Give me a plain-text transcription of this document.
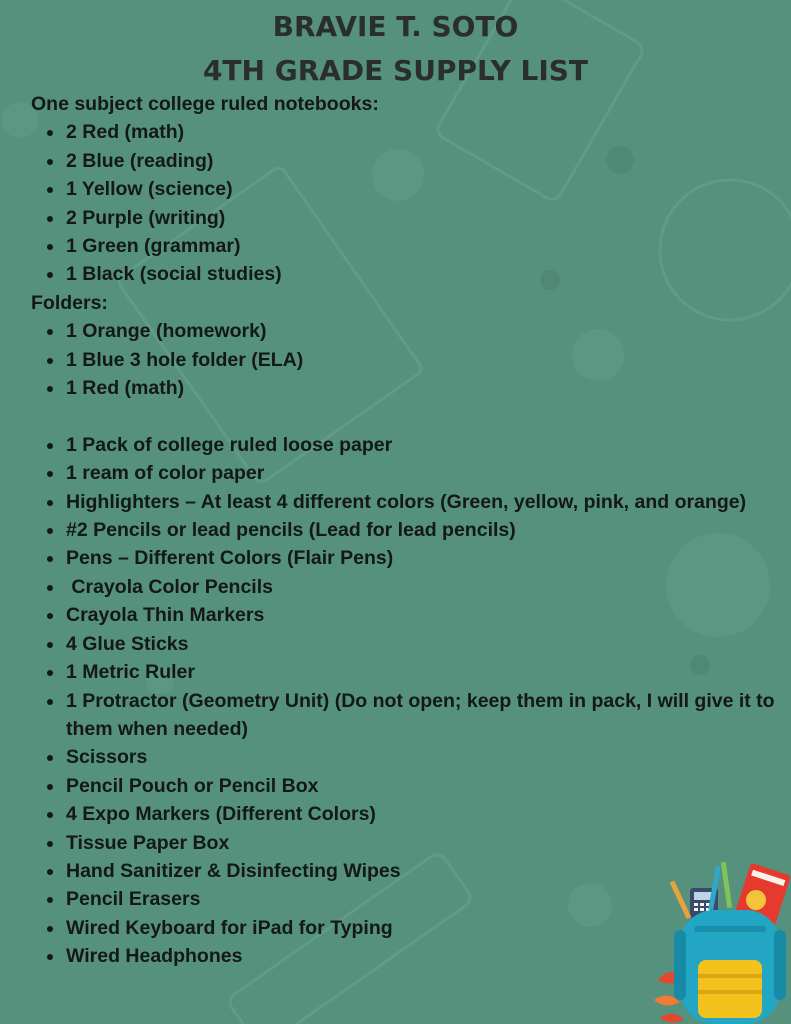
BRAVIE T. SOTO
4TH GRADE SUPPLY LIST
One subject college ruled notebooks:
2 Red (math)
2 Blue (reading)
1 Yellow (science)
2 Purple (writing)
1 Green (grammar)
1 Black (social studies)
Folders:
1 Orange (homework)
1 Blue 3 hole folder (ELA)
1 Red (math)
1 Pack of college ruled loose paper
1 ream of color paper
Highlighters – At least 4 different colors (Green, yellow, pink, and orange)
#2 Pencils or lead pencils (Lead for lead pencils)
Pens – Different Colors (Flair Pens)
Crayola Color Pencils
Crayola Thin Markers
4 Glue Sticks
1 Metric Ruler
1 Protractor (Geometry Unit) (Do not open; keep them in pack, I will give it to them when needed)
Scissors
Pencil Pouch or Pencil Box
4 Expo Markers (Different Colors)
Tissue Paper Box
Hand Sanitizer & Disinfecting Wipes
Pencil Erasers
Wired Keyboard for iPad for Typing
Wired Headphones
